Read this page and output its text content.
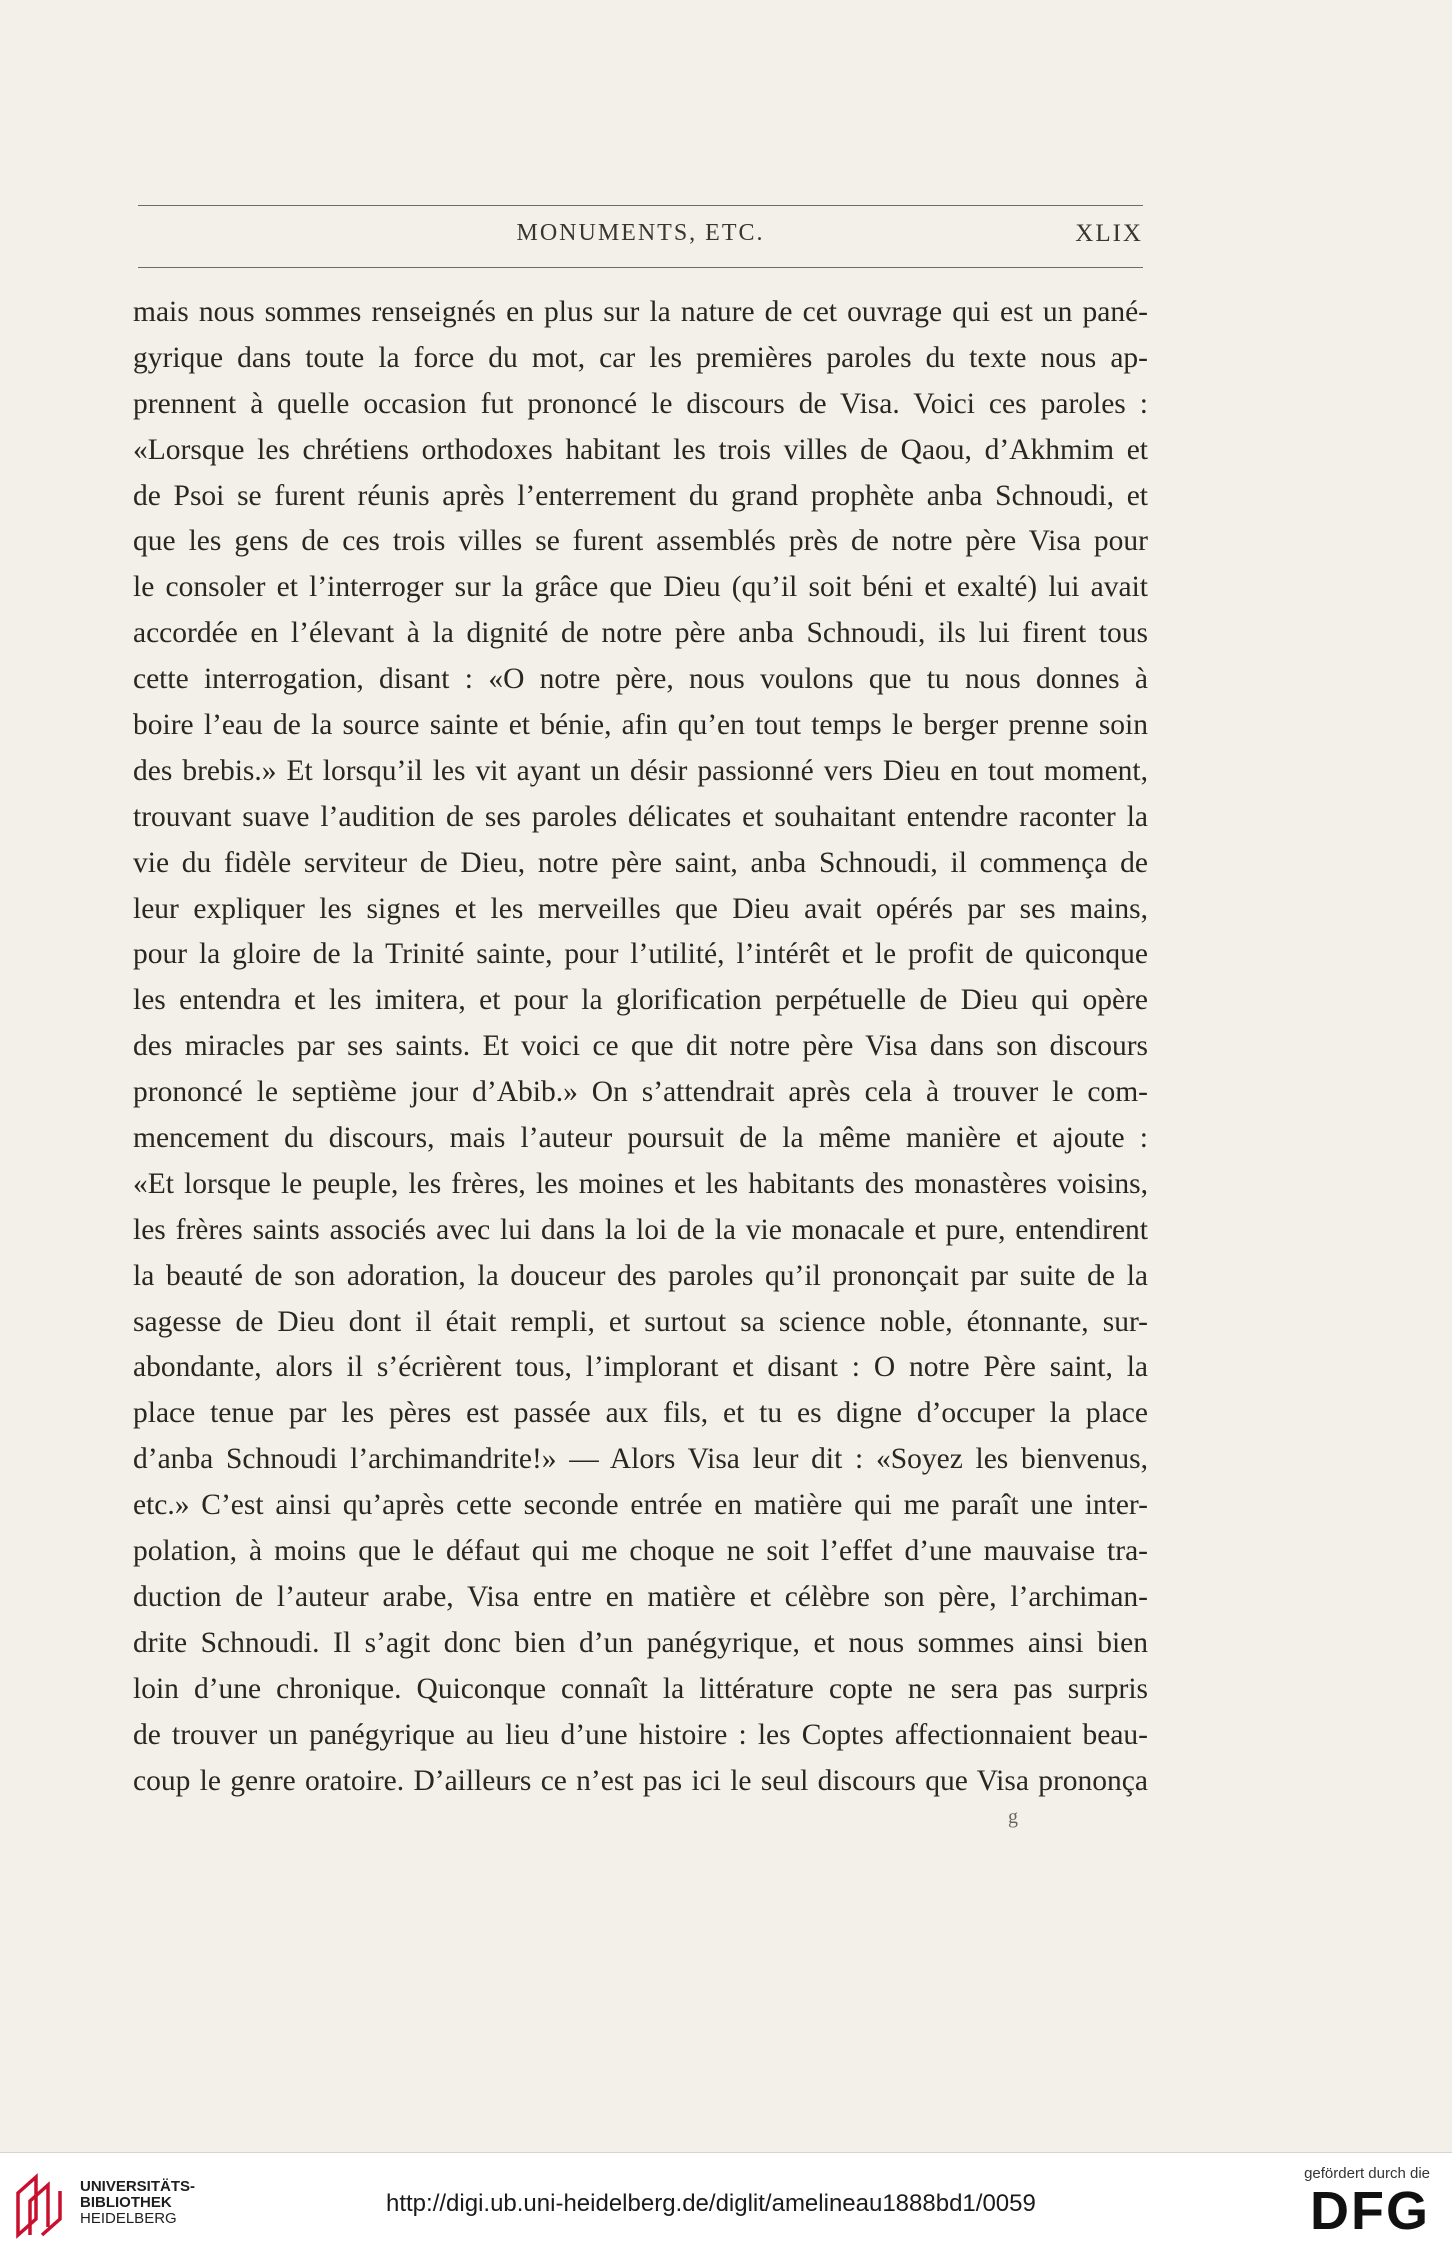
MONUMENTS, ETC.	XLIX
mais nous sommes renseignés en plus sur la nature de cet ouvrage qui est un pané-
gyrique dans toute la force du mot, car les premières paroles du texte nous ap-
prennent à quelle occasion fut prononcé le discours de Visa. Voici ces paroles :
«Lorsque les chrétiens orthodoxes habitant les trois villes de Qaou, d’Akhmim et
de Psoi se furent réunis après l’enterrement du grand prophète anba Schnoudi, et
que les gens de ces trois villes se furent assemblés près de notre père Visa pour
le consoler et l’interroger sur la grâce que Dieu (qu’il soit béni et exalté) lui avait
accordée en l’élevant à la dignité de notre père anba Schnoudi, ils lui firent tous
cette interrogation, disant : «O notre père, nous voulons que tu nous donnes à
boire l’eau de la source sainte et bénie, afin qu’en tout temps le berger prenne soin
des brebis.» Et lorsqu’il les vit ayant un désir passionné vers Dieu en tout moment,
trouvant suave l’audition de ses paroles délicates et souhaitant entendre raconter la
vie du fidèle serviteur de Dieu, notre père saint, anba Schnoudi, il commença de
leur expliquer les signes et les merveilles que Dieu avait opérés par ses mains,
pour la gloire de la Trinité sainte, pour l’utilité, l’intérêt et le profit de quiconque
les entendra et les imitera, et pour la glorification perpétuelle de Dieu qui opère
des miracles par ses saints. Et voici ce que dit notre père Visa dans son discours
prononcé le septième jour d’Abib.» On s’attendrait après cela à trouver le com-
mencement du discours, mais l’auteur poursuit de la même manière et ajoute :
«Et lorsque le peuple, les frères, les moines et les habitants des monastères voisins,
les frères saints associés avec lui dans la loi de la vie monacale et pure, entendirent
la beauté de son adoration, la douceur des paroles qu’il prononçait par suite de la
sagesse de Dieu dont il était rempli, et surtout sa science noble, étonnante, sur-
abondante, alors il s’écrièrent tous, l’implorant et disant : O notre Père saint, la
place tenue par les pères est passée aux fils, et tu es digne d’occuper la place
d’anba Schnoudi l’archimandrite!» — Alors Visa leur dit : «Soyez les bienvenus,
etc.» C’est ainsi qu’après cette seconde entrée en matière qui me paraît une inter-
polation, à moins que le défaut qui me choque ne soit l’effet d’une mauvaise tra-
duction de l’auteur arabe, Visa entre en matière et célèbre son père, l’archiman-
drite Schnoudi. Il s’agit donc bien d’un panégyrique, et nous sommes ainsi bien
loin d’une chronique. Quiconque connaît la littérature copte ne sera pas surpris
de trouver un panégyrique au lieu d’une histoire : les Coptes affectionnaient beau-
coup le genre oratoire. D’ailleurs ce n’est pas ici le seul discours que Visa prononça
g
UNIVERSITÄTS-
BIBLIOTHEK
HEIDELBERG
http://digi.ub.uni-heidelberg.de/diglit/amelineau1888bd1/0059
gefördert durch die
DFG
